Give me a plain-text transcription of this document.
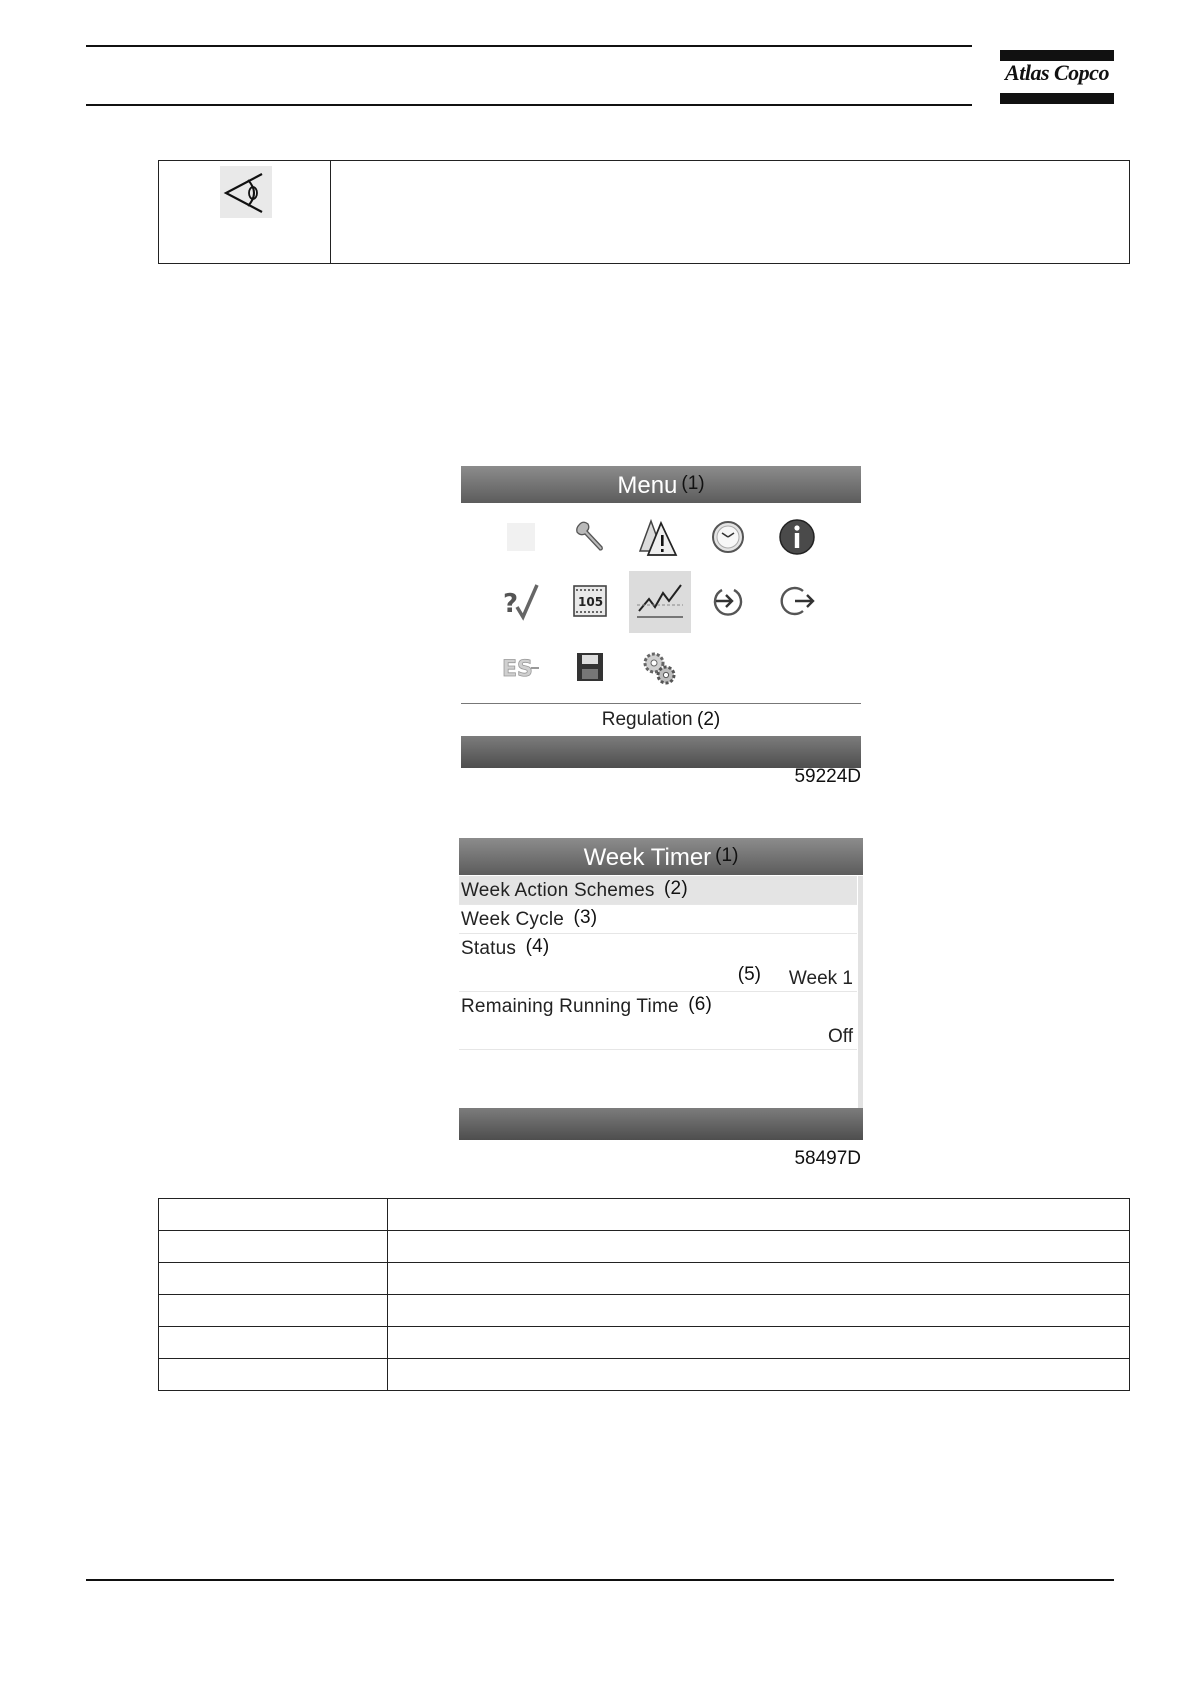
Atlas Copco
Menu (1)
?	105
ES
Regulation (2)
59224D
Week Timer (1)
Week Action Schemes (2)
Week Cycle (3)
Status (4)
(5) Week 1
Remaining Running Time (6)
Off
58497D
